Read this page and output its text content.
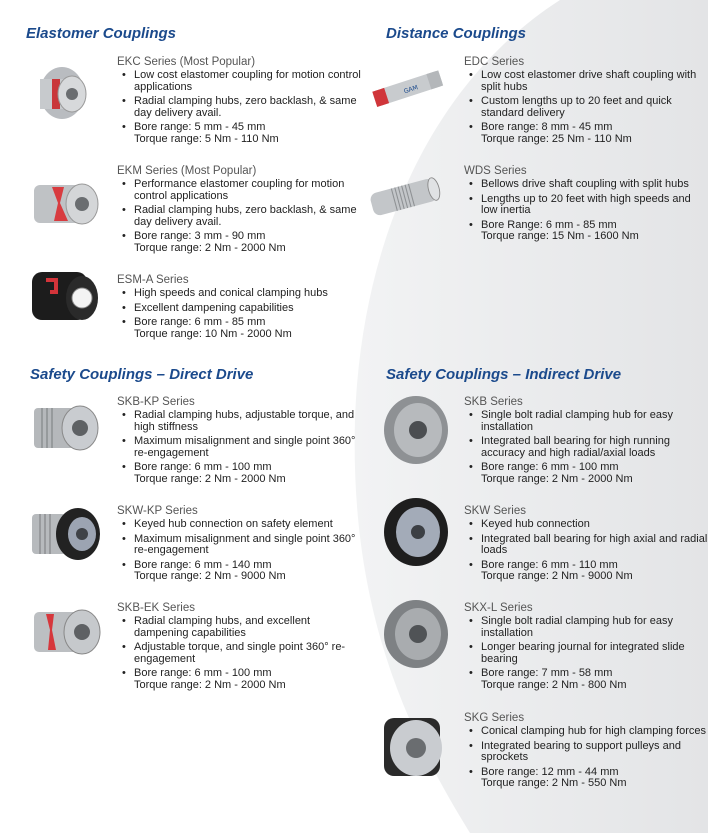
Elastomer Couplings	Distance Couplings
Safety Couplings – Direct Drive	Safety Couplings – Indirect Drive
GAM
EKC Series (Most Popular)
• Low cost elastomer coupling for motion control applications
• Radial clamping hubs, zero backlash, & same day delivery avail.
• Bore range: 5 mm - 45 mm
Torque range: 5 Nm - 110 Nm
EKM Series (Most Popular)
• Performance elastomer coupling for motion control applications
• Radial clamping hubs, zero backlash, & same day delivery avail.
• Bore range: 3 mm - 90 mm
Torque range: 2 Nm - 2000 Nm
ESM-A Series
• High speeds and conical clamping hubs
• Excellent dampening capabilities
• Bore range: 6 mm - 85 mm
Torque range: 10 Nm - 2000 Nm
EDC Series
• Low cost elastomer drive shaft coupling with split hubs
• Custom lengths up to 20 feet and quick standard delivery
• Bore range: 8 mm - 45 mm
Torque range: 25 Nm - 110 Nm
WDS Series
• Bellows drive shaft coupling with split hubs
• Lengths up to 20 feet with high speeds and low inertia
• Bore Range: 6 mm - 85 mm
Torque range: 15 Nm - 1600 Nm
SKB-KP Series
• Radial clamping hubs, adjustable torque, and high stiffness
• Maximum misalignment and single point 360° re-engagement
• Bore range: 6 mm - 100 mm
Torque range: 2 Nm - 2000 Nm
SKW-KP Series
• Keyed hub connection on safety element
• Maximum misalignment and single point 360° re-engagement
• Bore range: 6 mm - 140 mm
Torque range: 2 Nm - 9000 Nm
SKB-EK Series
• Radial clamping hubs, and excellent dampening capabilities
• Adjustable torque, and single point 360° re-engagement
• Bore range: 6 mm - 100 mm
Torque range: 2 Nm - 2000 Nm
SKB Series
• Single bolt radial clamping hub for easy installation
• Integrated ball bearing for high running accuracy and high radial/axial loads
• Bore range: 6 mm - 100 mm
Torque range: 2 Nm - 2000 Nm
SKW Series
• Keyed hub connection
• Integrated ball bearing for high axial and radial loads
• Bore range: 6 mm - 110 mm
Torque range: 2 Nm - 9000 Nm
SKX-L Series
• Single bolt radial clamping hub for easy installation
• Longer bearing journal for integrated slide bearing
• Bore range: 7 mm - 58 mm
Torque range: 2 Nm - 800 Nm
SKG Series
• Conical clamping hub for high clamping forces
• Integrated bearing to support pulleys and sprockets
• Bore range: 12 mm - 44 mm
Torque range: 2 Nm - 550 Nm
